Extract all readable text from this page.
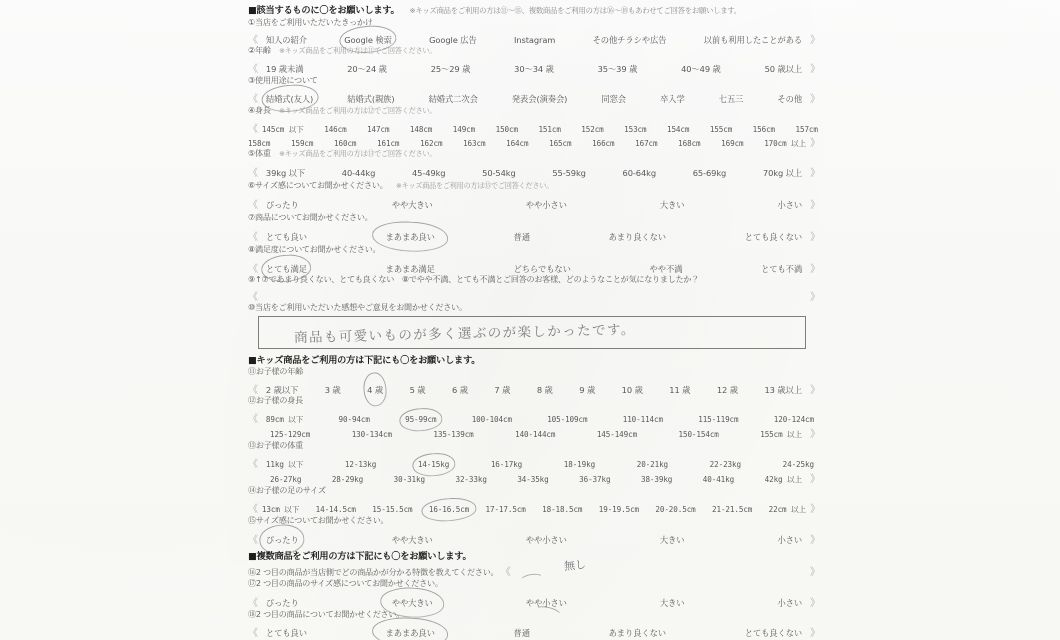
■該当するものに〇をお願いします。 ※キッズ商品をご利用の方は⑪～⑮、複数商品をご利用の方は⑯～⑱もあわせてご回答をお願いします。
①当店をご利用いただいたきっかけ
《 知人の紹介	Google 検索	Google 広告	Instagram	その他チラシや広告	以前も利用したことがある 》
②年齢 ※キッズ商品をご利用の方は⑪でご回答ください。
《 19 歳未満	20～24 歳	25～29 歳	30～34 歳	35～39 歳	40～49 歳	50 歳以上 》
③使用用途について
《 結婚式(友人)	結婚式(親族)	結婚式二次会	発表会(演奏会)	同窓会	卒入学	七五三	その他 》
④身長 ※キッズ商品をご利用の方は⑫でご回答ください。
《 145cm 以下	146cm	147cm	148cm	149cm	150cm	151cm	152cm	153cm	154cm	155cm	156cm	157cm
158cm	159cm	160cm	161cm	162cm	163cm	164cm	165cm	166cm	167cm	168cm	169cm	170cm 以上 》
⑤体重 ※キッズ商品をご利用の方は⑬でご回答ください。
《 39kg 以下	40-44kg	45-49kg	50-54kg	55-59kg	60-64kg	65-69kg	70kg 以上 》
⑥サイズ感についてお聞かせください。 ※キッズ商品をご利用の方は⑮でご回答ください。
《 ぴったり	やや大きい	やや小さい	大きい	小さい 》
⑦商品についてお聞かせください。
《 とても良い	まあまあ良い	普通	あまり良くない	とても良くない 》
⑧満足度についてお聞かせください。
《 とても満足	まあまあ満足	どちらでもない	やや不満	とても不満 》
⑨↑⑦であまり良くない、とても良くない　⑧でやや不満、とても不満とご回答のお客様、どのようなことが気になりましたか？
《	》
⑩当店をご利用いただいた感想やご意見をお聞かせください。
商品も可愛いものが多く選ぶのが楽しかったです。
■キッズ商品をご利用の方は下記にも〇をお願いします。
⑪お子様の年齢
《 2 歳以下	3 歳	4 歳	5 歳	6 歳	7 歳	8 歳	9 歳	10 歳	11 歳	12 歳	13 歳以上 》
⑫お子様の身長
《 89cm 以下	90-94cm	95-99cm	100-104cm	105-109cm	110-114cm	115-119cm	120-124cm
125-129cm	130-134cm	135-139cm	140-144cm	145-149cm	150-154cm	155cm 以上 》
⑬お子様の体重
《 11kg 以下	12-13kg	14-15kg	16-17kg	18-19kg	20-21kg	22-23kg	24-25kg
26-27kg	28-29kg	30-31kg	32-33kg	34-35kg	36-37kg	38-39kg	40-41kg	42kg 以上 》
⑭お子様の足のサイズ
《 13cm 以下 14-14.5cm 15-15.5cm 16-16.5cm 17-17.5cm 18-18.5cm 19-19.5cm 20-20.5cm 21-21.5cm 22cm 以上 》
⑮サイズ感についてお聞かせください。
《 ぴったり	やや大きい	やや小さい	大きい	小さい 》
■複数商品をご利用の方は下記にも〇をお願いします。
⑯2 つ目の商品が当店側でどの商品かが分かる特徴を教えてください。 《	》
無し
⑰2 つ目の商品のサイズ感についてお聞かせください。
《 ぴったり	やや大きい	やや小さい	大きい	小さい 》
⑱2 つ目の商品についてお聞かせください。
《 とても良い	まあまあ良い	普通	あまり良くない	とても良くない 》
